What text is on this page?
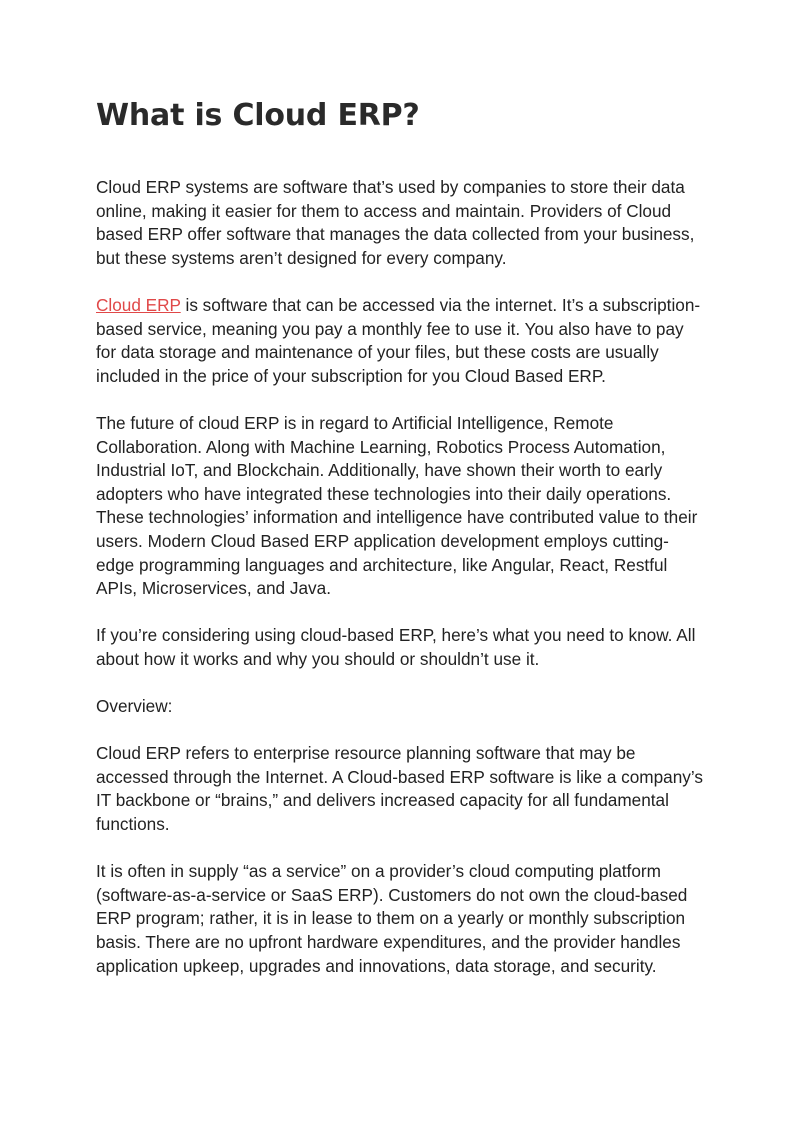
What is Cloud ERP?

Cloud ERP systems are software that’s used by companies to store their data online, making it easier for them to access and maintain. Providers of Cloud based ERP offer software that manages the data collected from your business, but these systems aren’t designed for every company.

Cloud ERP is software that can be accessed via the internet. It’s a subscription-based service, meaning you pay a monthly fee to use it. You also have to pay for data storage and maintenance of your files, but these costs are usually included in the price of your subscription for you Cloud Based ERP.

The future of cloud ERP is in regard to Artificial Intelligence, Remote Collaboration. Along with Machine Learning, Robotics Process Automation, Industrial IoT, and Blockchain. Additionally, have shown their worth to early adopters who have integrated these technologies into their daily operations. These technologies’ information and intelligence have contributed value to their users. Modern Cloud Based ERP application development employs cutting-edge programming languages and architecture, like Angular, React, Restful APIs, Microservices, and Java.

If you’re considering using cloud-based ERP, here’s what you need to know. All about how it works and why you should or shouldn’t use it.

Overview:

Cloud ERP refers to enterprise resource planning software that may be accessed through the Internet. A Cloud-based ERP software is like a company’s IT backbone or “brains,” and delivers increased capacity for all fundamental functions.

It is often in supply “as a service” on a provider’s cloud computing platform (software-as-a-service or SaaS ERP). Customers do not own the cloud-based ERP program; rather, it is in lease to them on a yearly or monthly subscription basis. There are no upfront hardware expenditures, and the provider handles application upkeep, upgrades and innovations, data storage, and security.
